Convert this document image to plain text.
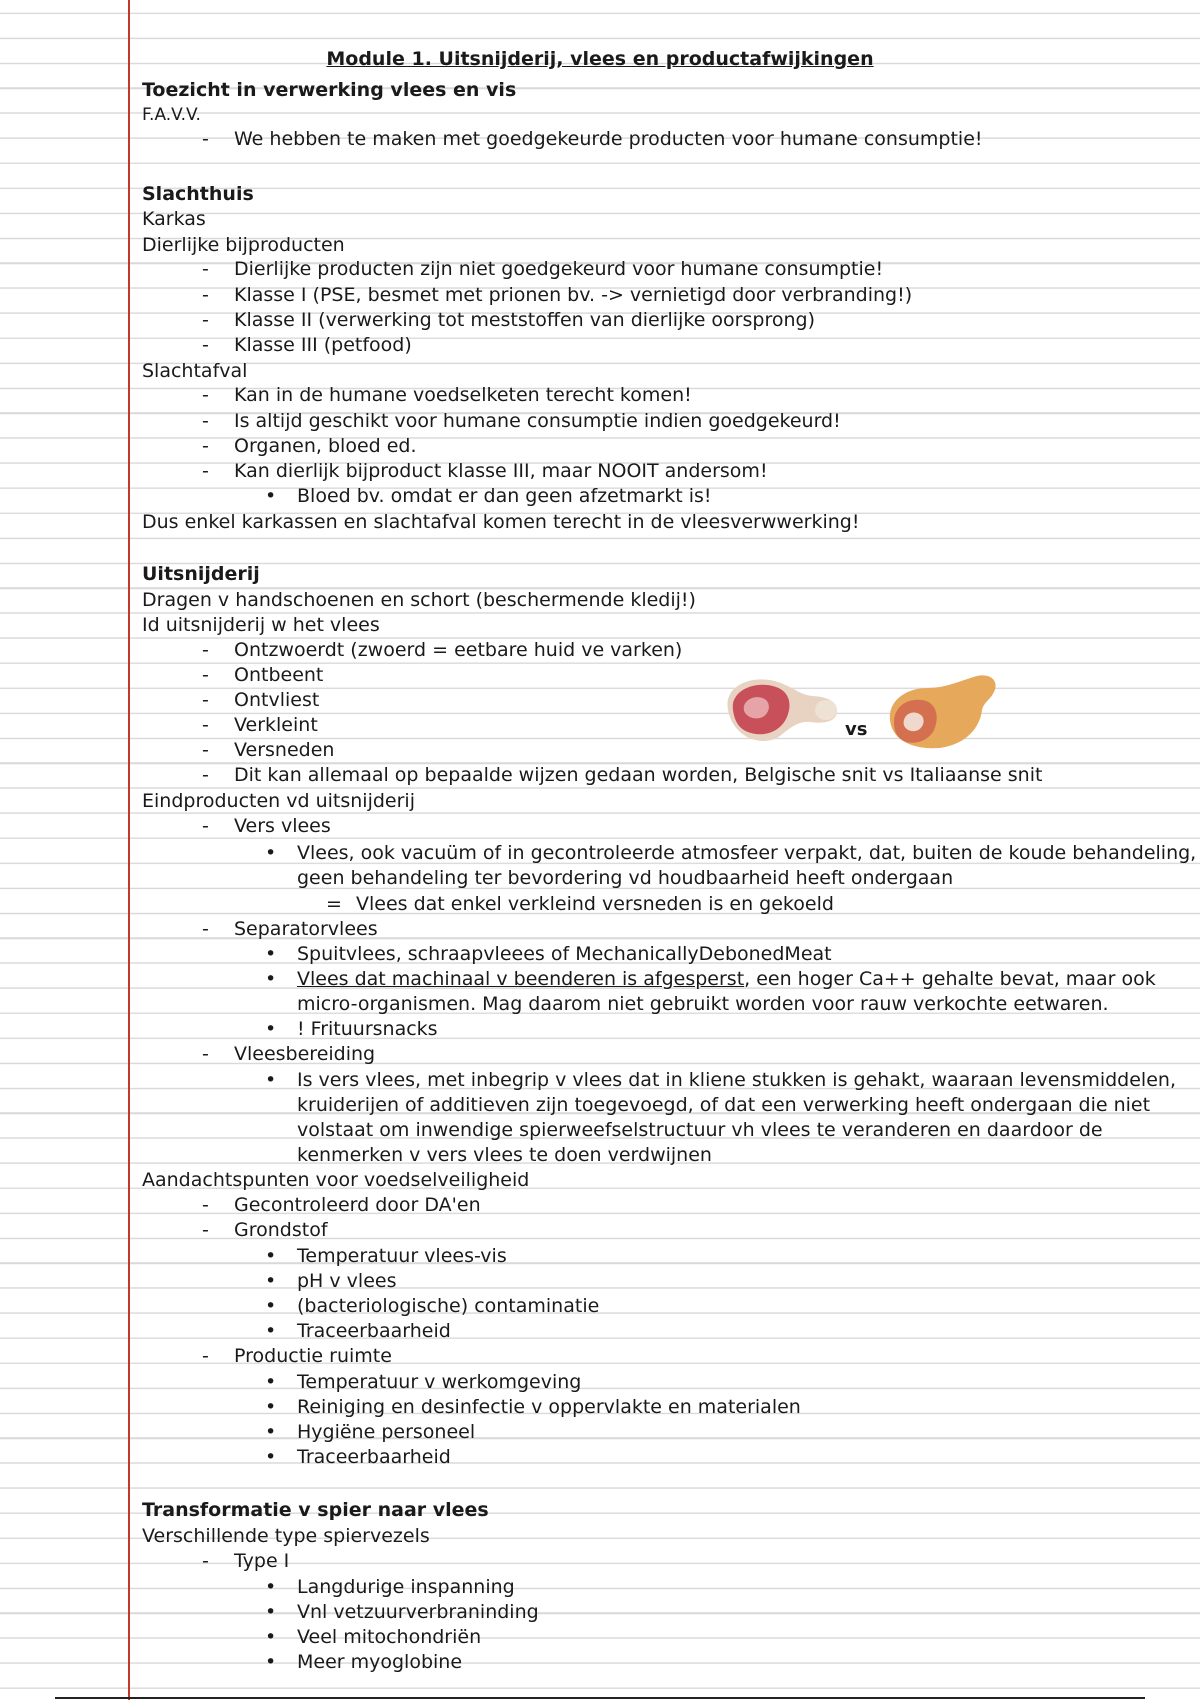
Module 1. Uitsnijderij, vlees en productafwijkingen
Toezicht in verwerking vlees en vis
F.A.V.V.
- We hebben te maken met goedgekeurde producten voor humane consumptie!
Slachthuis
Karkas
Dierlijke bijproducten
- Dierlijke producten zijn niet goedgekeurd voor humane consumptie!
- Klasse I (PSE, besmet met prionen bv. -> vernietigd door verbranding!)
- Klasse II (verwerking tot meststoffen van dierlijke oorsprong)
- Klasse III (petfood)
Slachtafval
- Kan in de humane voedselketen terecht komen!
- Is altijd geschikt voor humane consumptie indien goedgekeurd!
- Organen, bloed ed.
- Kan dierlijk bijproduct klasse III, maar NOOIT andersom!
• Bloed bv. omdat er dan geen afzetmarkt is!
Dus enkel karkassen en slachtafval komen terecht in de vleesverwwerking!
Uitsnijderij
Dragen v handschoenen en schort (beschermende kledij!)
Id uitsnijderij w het vlees
- Ontzwoerdt (zwoerd = eetbare huid ve varken)
- Ontbeent
- Ontvliest
- Verkleint
- Versneden
- Dit kan allemaal op bepaalde wijzen gedaan worden, Belgische snit vs Italiaanse snit
vs
Eindproducten vd uitsnijderij
- Vers vlees
• Vlees, ook vacuüm of in gecontroleerde atmosfeer verpakt, dat, buiten de koude behandeling,
geen behandeling ter bevordering vd houdbaarheid heeft ondergaan
= Vlees dat enkel verkleind versneden is en gekoeld
- Separatorvlees
• Spuitvlees, schraapvleees of MechanicallyDebonedMeat
• Vlees dat machinaal v beenderen is afgesperst, een hoger Ca++ gehalte bevat, maar ook
micro-organismen. Mag daarom niet gebruikt worden voor rauw verkochte eetwaren.
• ! Frituursnacks
- Vleesbereiding
• Is vers vlees, met inbegrip v vlees dat in kliene stukken is gehakt, waaraan levensmiddelen,
kruiderijen of additieven zijn toegevoegd, of dat een verwerking heeft ondergaan die niet
volstaat om inwendige spierweefselstructuur vh vlees te veranderen en daardoor de
kenmerken v vers vlees te doen verdwijnen
Aandachtspunten voor voedselveiligheid
- Gecontroleerd door DA'en
- Grondstof
• Temperatuur vlees-vis
• pH v vlees
• (bacteriologische) contaminatie
• Traceerbaarheid
- Productie ruimte
• Temperatuur v werkomgeving
• Reiniging en desinfectie v oppervlakte en materialen
• Hygiëne personeel
• Traceerbaarheid
Transformatie v spier naar vlees
Verschillende type spiervezels
- Type I
• Langdurige inspanning
• Vnl vetzuurverbraninding
• Veel mitochondriën
• Meer myoglobine
